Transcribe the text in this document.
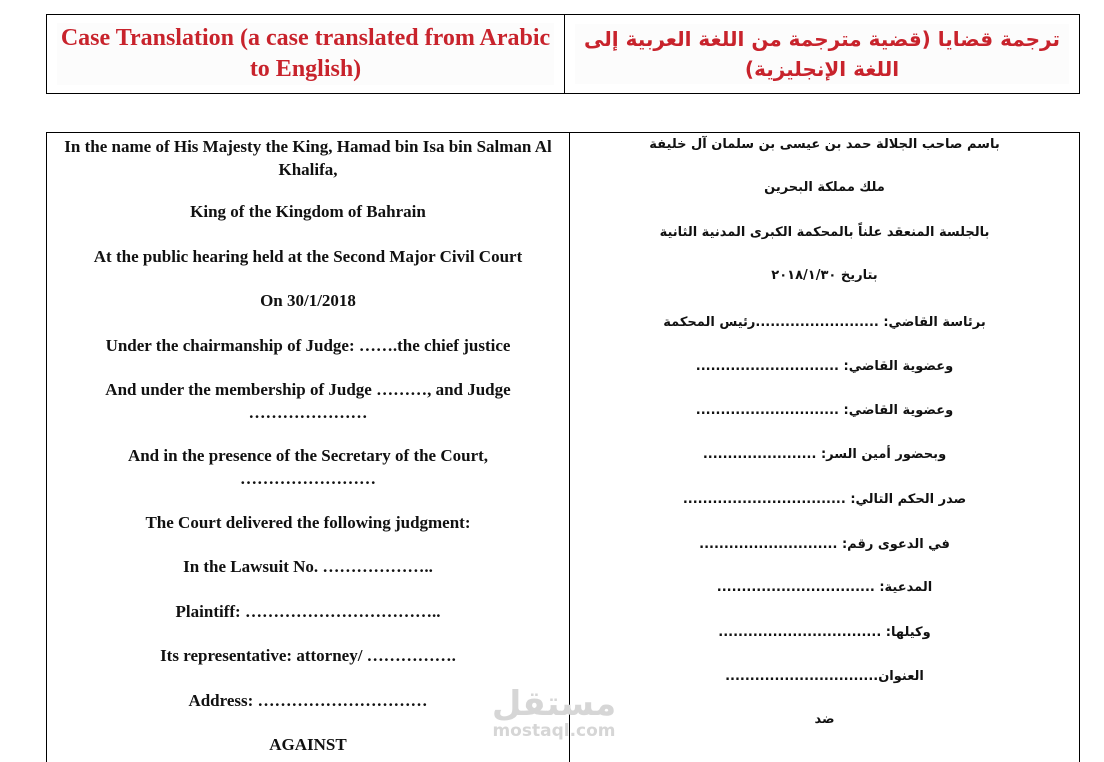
Case Translation (a case translated from Arabic to English)
ترجمة قضايا (قضية مترجمة من اللغة العربية إلى اللغة الإنجليزية)
In the name of His Majesty the King, Hamad bin Isa bin Salman Al Khalifa,
King of the Kingdom of Bahrain
At the public hearing held at the Second Major Civil Court
On 30/1/2018
Under the chairmanship of Judge: …….the chief justice
And under the membership of Judge ………, and Judge …………………
And in the presence of the Secretary of the Court, ……………………
The Court delivered the following judgment:
In the Lawsuit No. ………………..
Plaintiff: ……………………………..
Its representative: attorney/ …………….
Address: …………………………
AGAINST
باسم صاحب الجلالة حمد بن عيسى بن سلمان آل خليفة
ملك مملكة البحرين
بالجلسة المنعقد علناً بالمحكمة الكبرى المدنية الثانية
بتاريخ ٢٠١٨/١/٣٠
برئاسة القاضي: .........................رئيس المحكمة
وعضوية القاضي: .............................
وعضوية القاضي: .............................
وبحضور أمين السر: .......................
صدر الحكم التالي: .................................
في الدعوى رقم: ............................
المدعية: ................................
وكيلها: .................................
العنوان...............................
ضد
مستقل
mostaql.com
